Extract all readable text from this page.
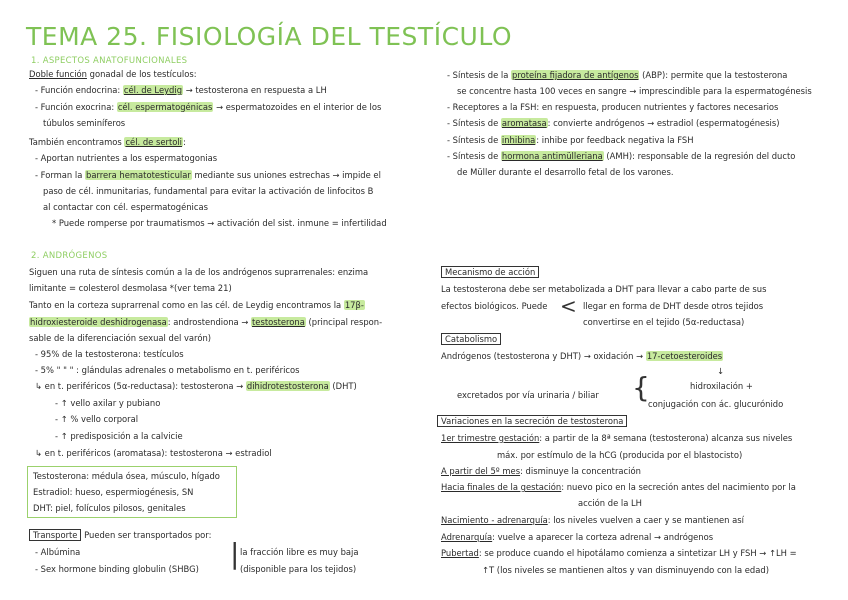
TEMA 25. FISIOLOGÍA DEL TESTÍCULO
1. ASPECTOS ANATOFUNCIONALES
Doble función gonadal de los testículos:
- Función endocrina: cél. de Leydig → testosterona en respuesta a LH
- Función exocrina: cél. espermatogénicas → espermatozoides en el interior de los
túbulos seminíferos
También encontramos cél. de sertoli:
- Aportan nutrientes a los espermatogonias
- Forman la barrera hematotesticular mediante sus uniones estrechas → impide el
paso de cél. inmunitarias, fundamental para evitar la activación de linfocitos B
al contactar con cél. espermatogénicas
* Puede romperse por traumatismos → activación del sist. inmune = infertilidad
- Síntesis de la proteína fijadora de antígenos (ABP): permite que la testosterona
se concentre hasta 100 veces en sangre → imprescindible para la espermatogénesis
- Receptores a la FSH: en respuesta, producen nutrientes y factores necesarios
- Síntesis de aromatasa: convierte andrógenos → estradiol (espermatogénesis)
- Síntesis de inhibina: inhibe por feedback negativa la FSH
- Síntesis de hormona antimülleriana (AMH): responsable de la regresión del ducto
de Müller durante el desarrollo fetal de los varones.
2. ANDRÓGENOS
Siguen una ruta de síntesis común a la de los andrógenos suprarrenales: enzima
limitante = colesterol desmolasa *(ver tema 21)
Tanto en la corteza suprarrenal como en las cél. de Leydig encontramos la 17β-
hidroxiesteroide deshidrogenasa: androstendiona → testosterona (principal respon-
sable de la diferenciación sexual del varón)
- 95% de la testosterona: testículos
- 5% " " " : glándulas adrenales o metabolismo en t. periféricos
↳ en t. periféricos (5α-reductasa): testosterona → dihidrotestosterona (DHT)
- ↑ vello axilar y pubiano
- ↑ % vello corporal
- ↑ predisposición a la calvicie
↳ en t. periféricos (aromatasa): testosterona → estradiol
Testosterona: médula ósea, músculo, hígado
Estradiol: hueso, espermiogénesis, SN
DHT: piel, folículos pilosos, genitales
Transporte Pueden ser transportados por:
- Albúmina
- Sex hormone binding globulin (SHBG) | la fracción libre es muy baja
(disponible para los tejidos)
Mecanismo de acción
La testosterona debe ser metabolizada a DHT para llevar a cabo parte de sus
efectos biológicos. Puede < llegar en forma de DHT desde otros tejidos
convertirse en el tejido (5α-reductasa)
Catabolismo
Andrógenos (testosterona y DHT) → oxidación → 17-cetoesteroides
↓
excretados por vía urinaria / biliar {	hidroxilación +
conjugación con ác. glucurónido
Variaciones en la secreción de testosterona
1er trimestre gestación: a partir de la 8ª semana (testosterona) alcanza sus niveles
máx. por estímulo de la hCG (producida por el blastocisto)
A partir del 5º mes: disminuye la concentración
Hacia finales de la gestación: nuevo pico en la secreción antes del nacimiento por la
acción de la LH
Nacimiento - adrenarquía: los niveles vuelven a caer y se mantienen así
Adrenarquía: vuelve a aparecer la corteza adrenal → andrógenos
Pubertad: se produce cuando el hipotálamo comienza a sintetizar LH y FSH → ↑LH =
↑T (los niveles se mantienen altos y van disminuyendo con la edad)
